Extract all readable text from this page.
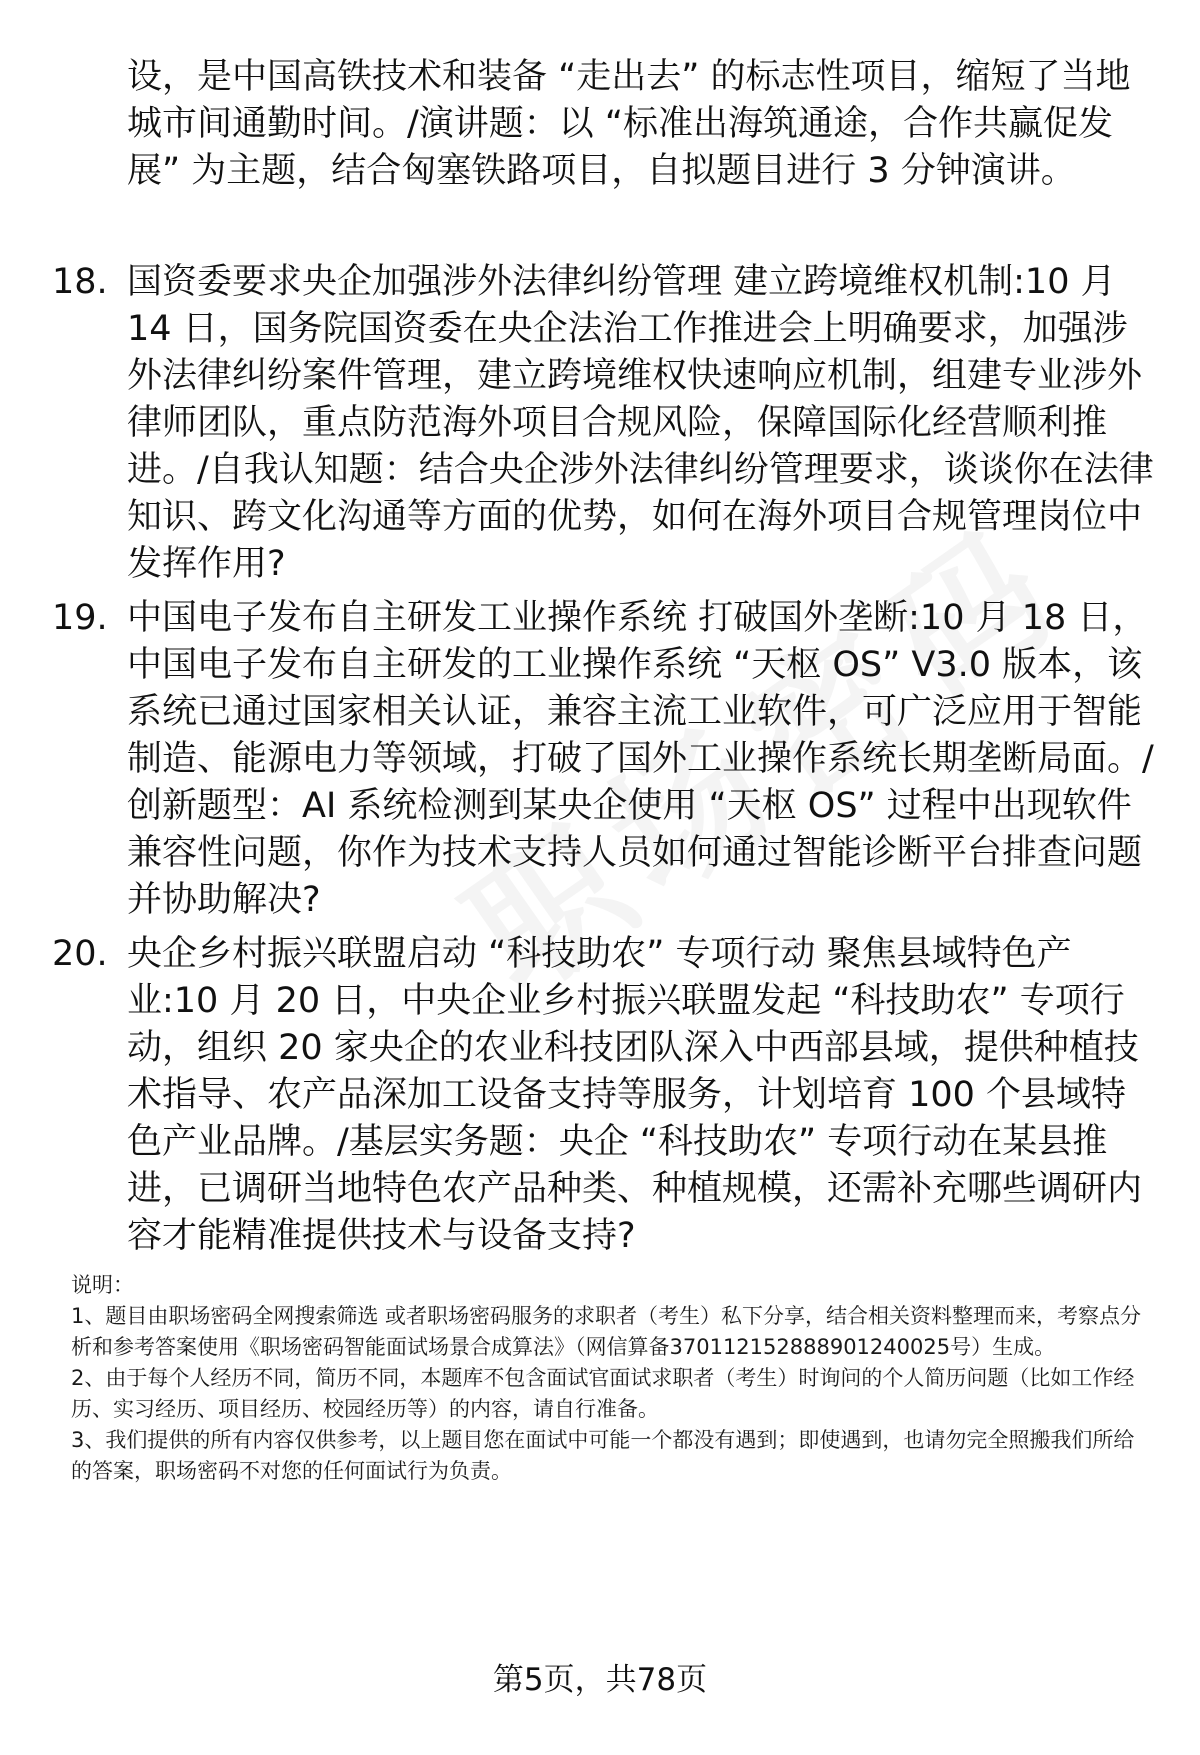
设，是中国高铁技术和装备 “走出去” 的标志性项目，缩短了当地城市间通勤时间。/演讲题：以 “标准出海筑通途，合作共赢促发展” 为主题，结合匈塞铁路项目，自拟题目进行 3 分钟演讲。

18. 国资委要求央企加强涉外法律纠纷管理 建立跨境维权机制:10 月 14 日，国务院国资委在央企法治工作推进会上明确要求，加强涉外法律纠纷案件管理，建立跨境维权快速响应机制，组建专业涉外律师团队，重点防范海外项目合规风险，保障国际化经营顺利推进。/自我认知题：结合央企涉外法律纠纷管理要求，谈谈你在法律知识、跨文化沟通等方面的优势，如何在海外项目合规管理岗位中发挥作用?

19. 中国电子发布自主研发工业操作系统 打破国外垄断:10 月 18 日，中国电子发布自主研发的工业操作系统 “天枢 OS” V3.0 版本，该系统已通过国家相关认证，兼容主流工业软件，可广泛应用于智能制造、能源电力等领域，打破了国外工业操作系统长期垄断局面。/创新题型：AI 系统检测到某央企使用 “天枢 OS” 过程中出现软件兼容性问题，你作为技术支持人员如何通过智能诊断平台排查问题并协助解决?

20. 央企乡村振兴联盟启动 “科技助农” 专项行动 聚焦县域特色产业:10 月 20 日，中央企业乡村振兴联盟发起 “科技助农” 专项行动，组织 20 家央企的农业科技团队深入中西部县域，提供种植技术指导、农产品深加工设备支持等服务，计划培育 100 个县域特色产业品牌。/基层实务题：央企 “科技助农” 专项行动在某县推进，已调研当地特色农产品种类、种植规模，还需补充哪些调研内容才能精准提供技术与设备支持?

说明：

1、题目由职场密码全网搜索筛选 或者职场密码服务的求职者（考生）私下分享，结合相关资料整理而来，考察点分析和参考答案使用《职场密码智能面试场景合成算法》（网信算备370112152888901240025号）生成。

2、由于每个人经历不同，简历不同，本题库不包含面试官面试求职者（考生）时询问的个人简历问题（比如工作经历、实习经历、项目经历、校园经历等）的内容，请自行准备。

3、我们提供的所有内容仅供参考，以上题目您在面试中可能一个都没有遇到；即使遇到，也请勿完全照搬我们所给的答案，职场密码不对您的任何面试行为负责。

第5页，共78页
